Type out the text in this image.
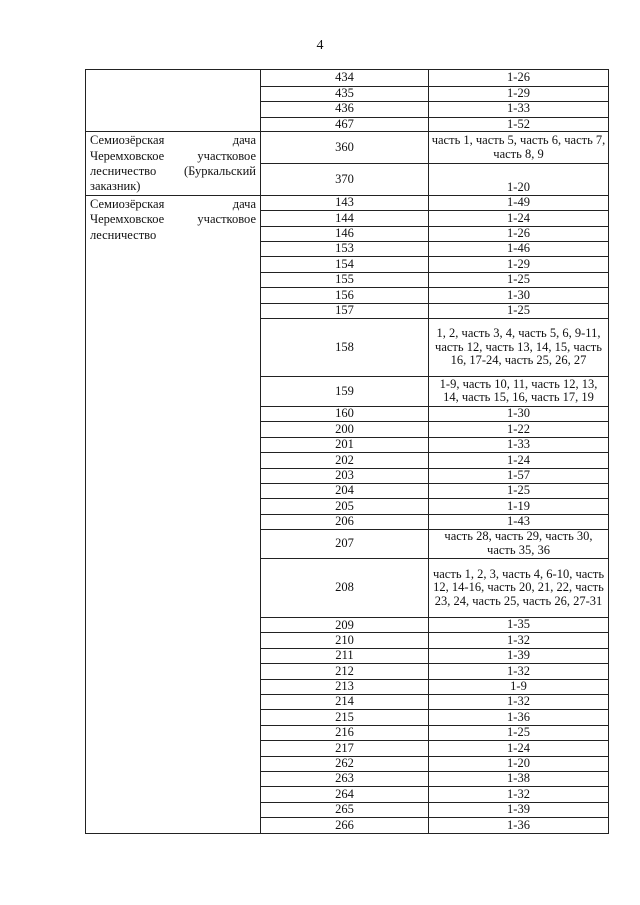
4
	434	1-26
	435	1-29
	436	1-33
	467	1-52
Семиозёрская дача Черемховское участковое лесничество (Буркальский заказник)	360	часть 1, часть 5, часть 6, часть 7, часть 8, 9
	370	1-20
Семиозёрская дача Черемховское участковое лесничество	143	1-49
	144	1-24
	146	1-26
	153	1-46
	154	1-29
	155	1-25
	156	1-30
	157	1-25
	158	1, 2, часть 3, 4, часть 5, 6, 9-11, часть 12, часть 13, 14, 15, часть 16, 17-24, часть 25, 26, 27
	159	1-9, часть 10, 11, часть 12, 13, 14, часть 15, 16, часть 17, 19
	160	1-30
	200	1-22
	201	1-33
	202	1-24
	203	1-57
	204	1-25
	205	1-19
	206	1-43
	207	часть 28, часть 29, часть 30, часть 35, 36
	208	часть 1, 2, 3, часть 4, 6-10, часть 12, 14-16, часть 20, 21, 22, часть 23, 24, часть 25, часть 26, 27-31
	209	1-35
	210	1-32
	211	1-39
	212	1-32
	213	1-9
	214	1-32
	215	1-36
	216	1-25
	217	1-24
	262	1-20
	263	1-38
	264	1-32
	265	1-39
	266	1-36
